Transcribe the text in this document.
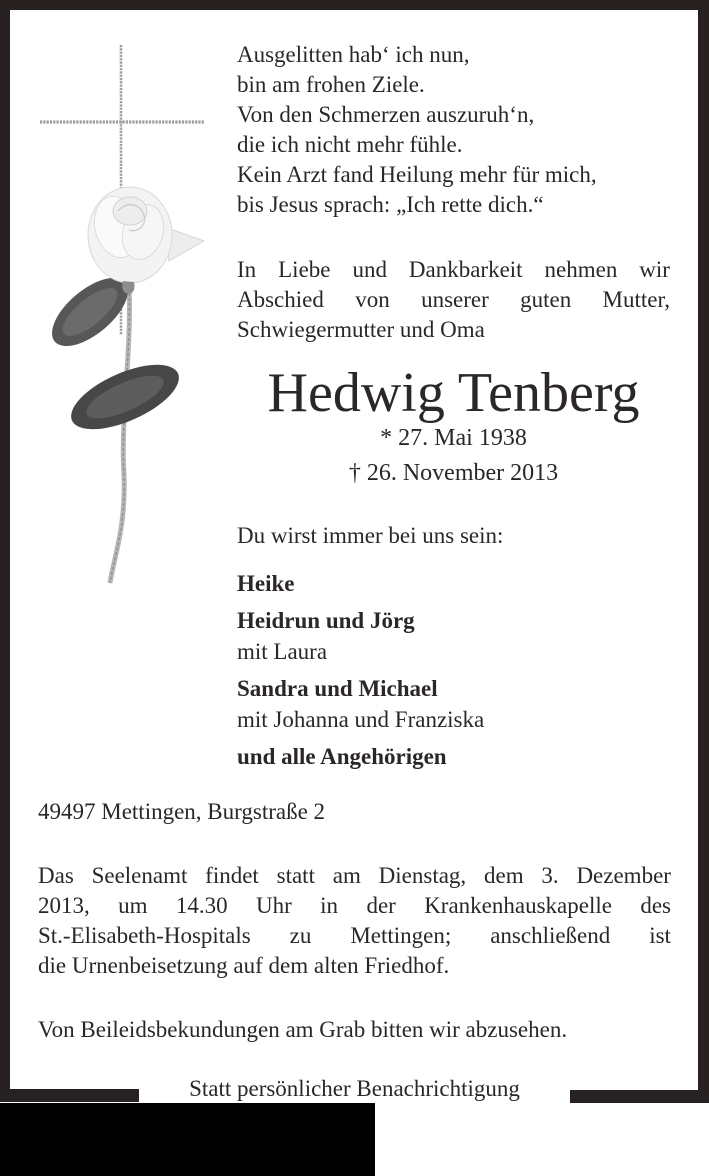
Ausgelitten hab‘ ich nun,
bin am frohen Ziele.
Von den Schmerzen auszuruh‘n,
die ich nicht mehr fühle.
Kein Arzt fand Heilung mehr für mich,
bis Jesus sprach: „Ich rette dich.“
In Liebe und Dankbarkeit nehmen wir
Abschied von unserer guten Mutter,
Schwiegermutter und Oma
Hedwig Tenberg
* 27. Mai 1938
† 26. November 2013
Du wirst immer bei uns sein:
Heike
Heidrun und Jörg
mit Laura
Sandra und Michael
mit Johanna und Franziska
und alle Angehörigen
49497 Mettingen, Burgstraße 2
Das Seelenamt findet statt am Dienstag, dem 3. Dezember
2013, um 14.30 Uhr in der Krankenhauskapelle des
St.-Elisabeth-Hospitals zu Mettingen; anschließend ist
die Urnenbeisetzung auf dem alten Friedhof.
Von Beileidsbekundungen am Grab bitten wir abzusehen.
Statt persönlicher Benachrichtigung
